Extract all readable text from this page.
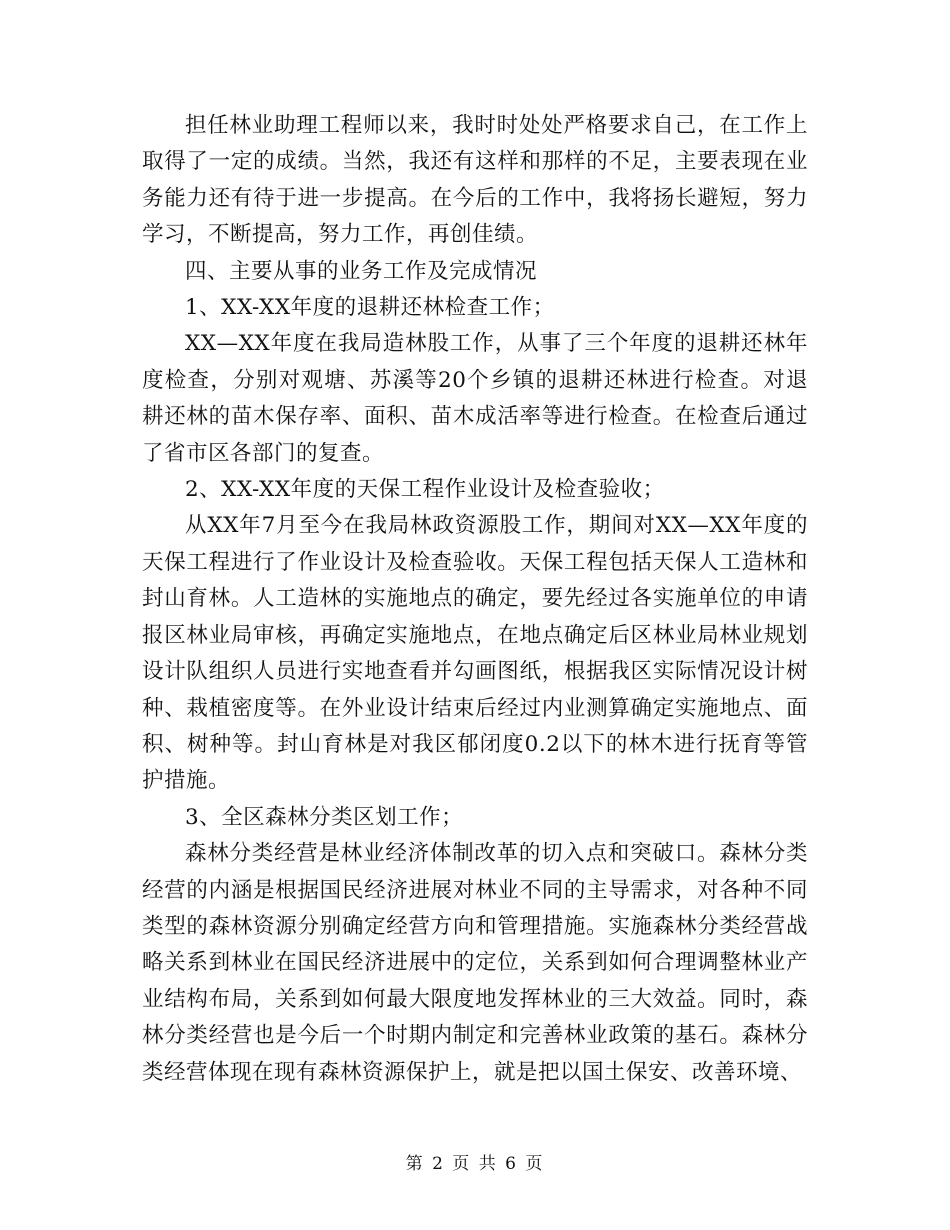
担任林业助理工程师以来，我时时处处严格要求自己，在工作上取得了一定的成绩。当然，我还有这样和那样的不足，主要表现在业务能力还有待于进一步提高。在今后的工作中，我将扬长避短，努力学习，不断提高，努力工作，再创佳绩。

四、主要从事的业务工作及完成情况

1、XX-XX年度的退耕还林检查工作；

XX—XX年度在我局造林股工作，从事了三个年度的退耕还林年度检查，分别对观塘、苏溪等20个乡镇的退耕还林进行检查。对退耕还林的苗木保存率、面积、苗木成活率等进行检查。在检查后通过了省市区各部门的复查。

2、XX-XX年度的天保工程作业设计及检查验收；

从XX年7月至今在我局林政资源股工作，期间对XX—XX年度的天保工程进行了作业设计及检查验收。天保工程包括天保人工造林和封山育林。人工造林的实施地点的确定，要先经过各实施单位的申请报区林业局审核，再确定实施地点，在地点确定后区林业局林业规划设计队组织人员进行实地查看并勾画图纸，根据我区实际情况设计树种、栽植密度等。在外业设计结束后经过内业测算确定实施地点、面积、树种等。封山育林是对我区郁闭度0.2以下的林木进行抚育等管护措施。

3、全区森林分类区划工作；

森林分类经营是林业经济体制改革的切入点和突破口。森林分类经营的内涵是根据国民经济进展对林业不同的主导需求，对各种不同类型的森林资源分别确定经营方向和管理措施。实施森林分类经营战略关系到林业在国民经济进展中的定位，关系到如何合理调整林业产业结构布局，关系到如何最大限度地发挥林业的三大效益。同时，森林分类经营也是今后一个时期内制定和完善林业政策的基石。森林分类经营体现在现有森林资源保护上，就是把以国土保安、改善环境、

第 2 页 共 6 页
